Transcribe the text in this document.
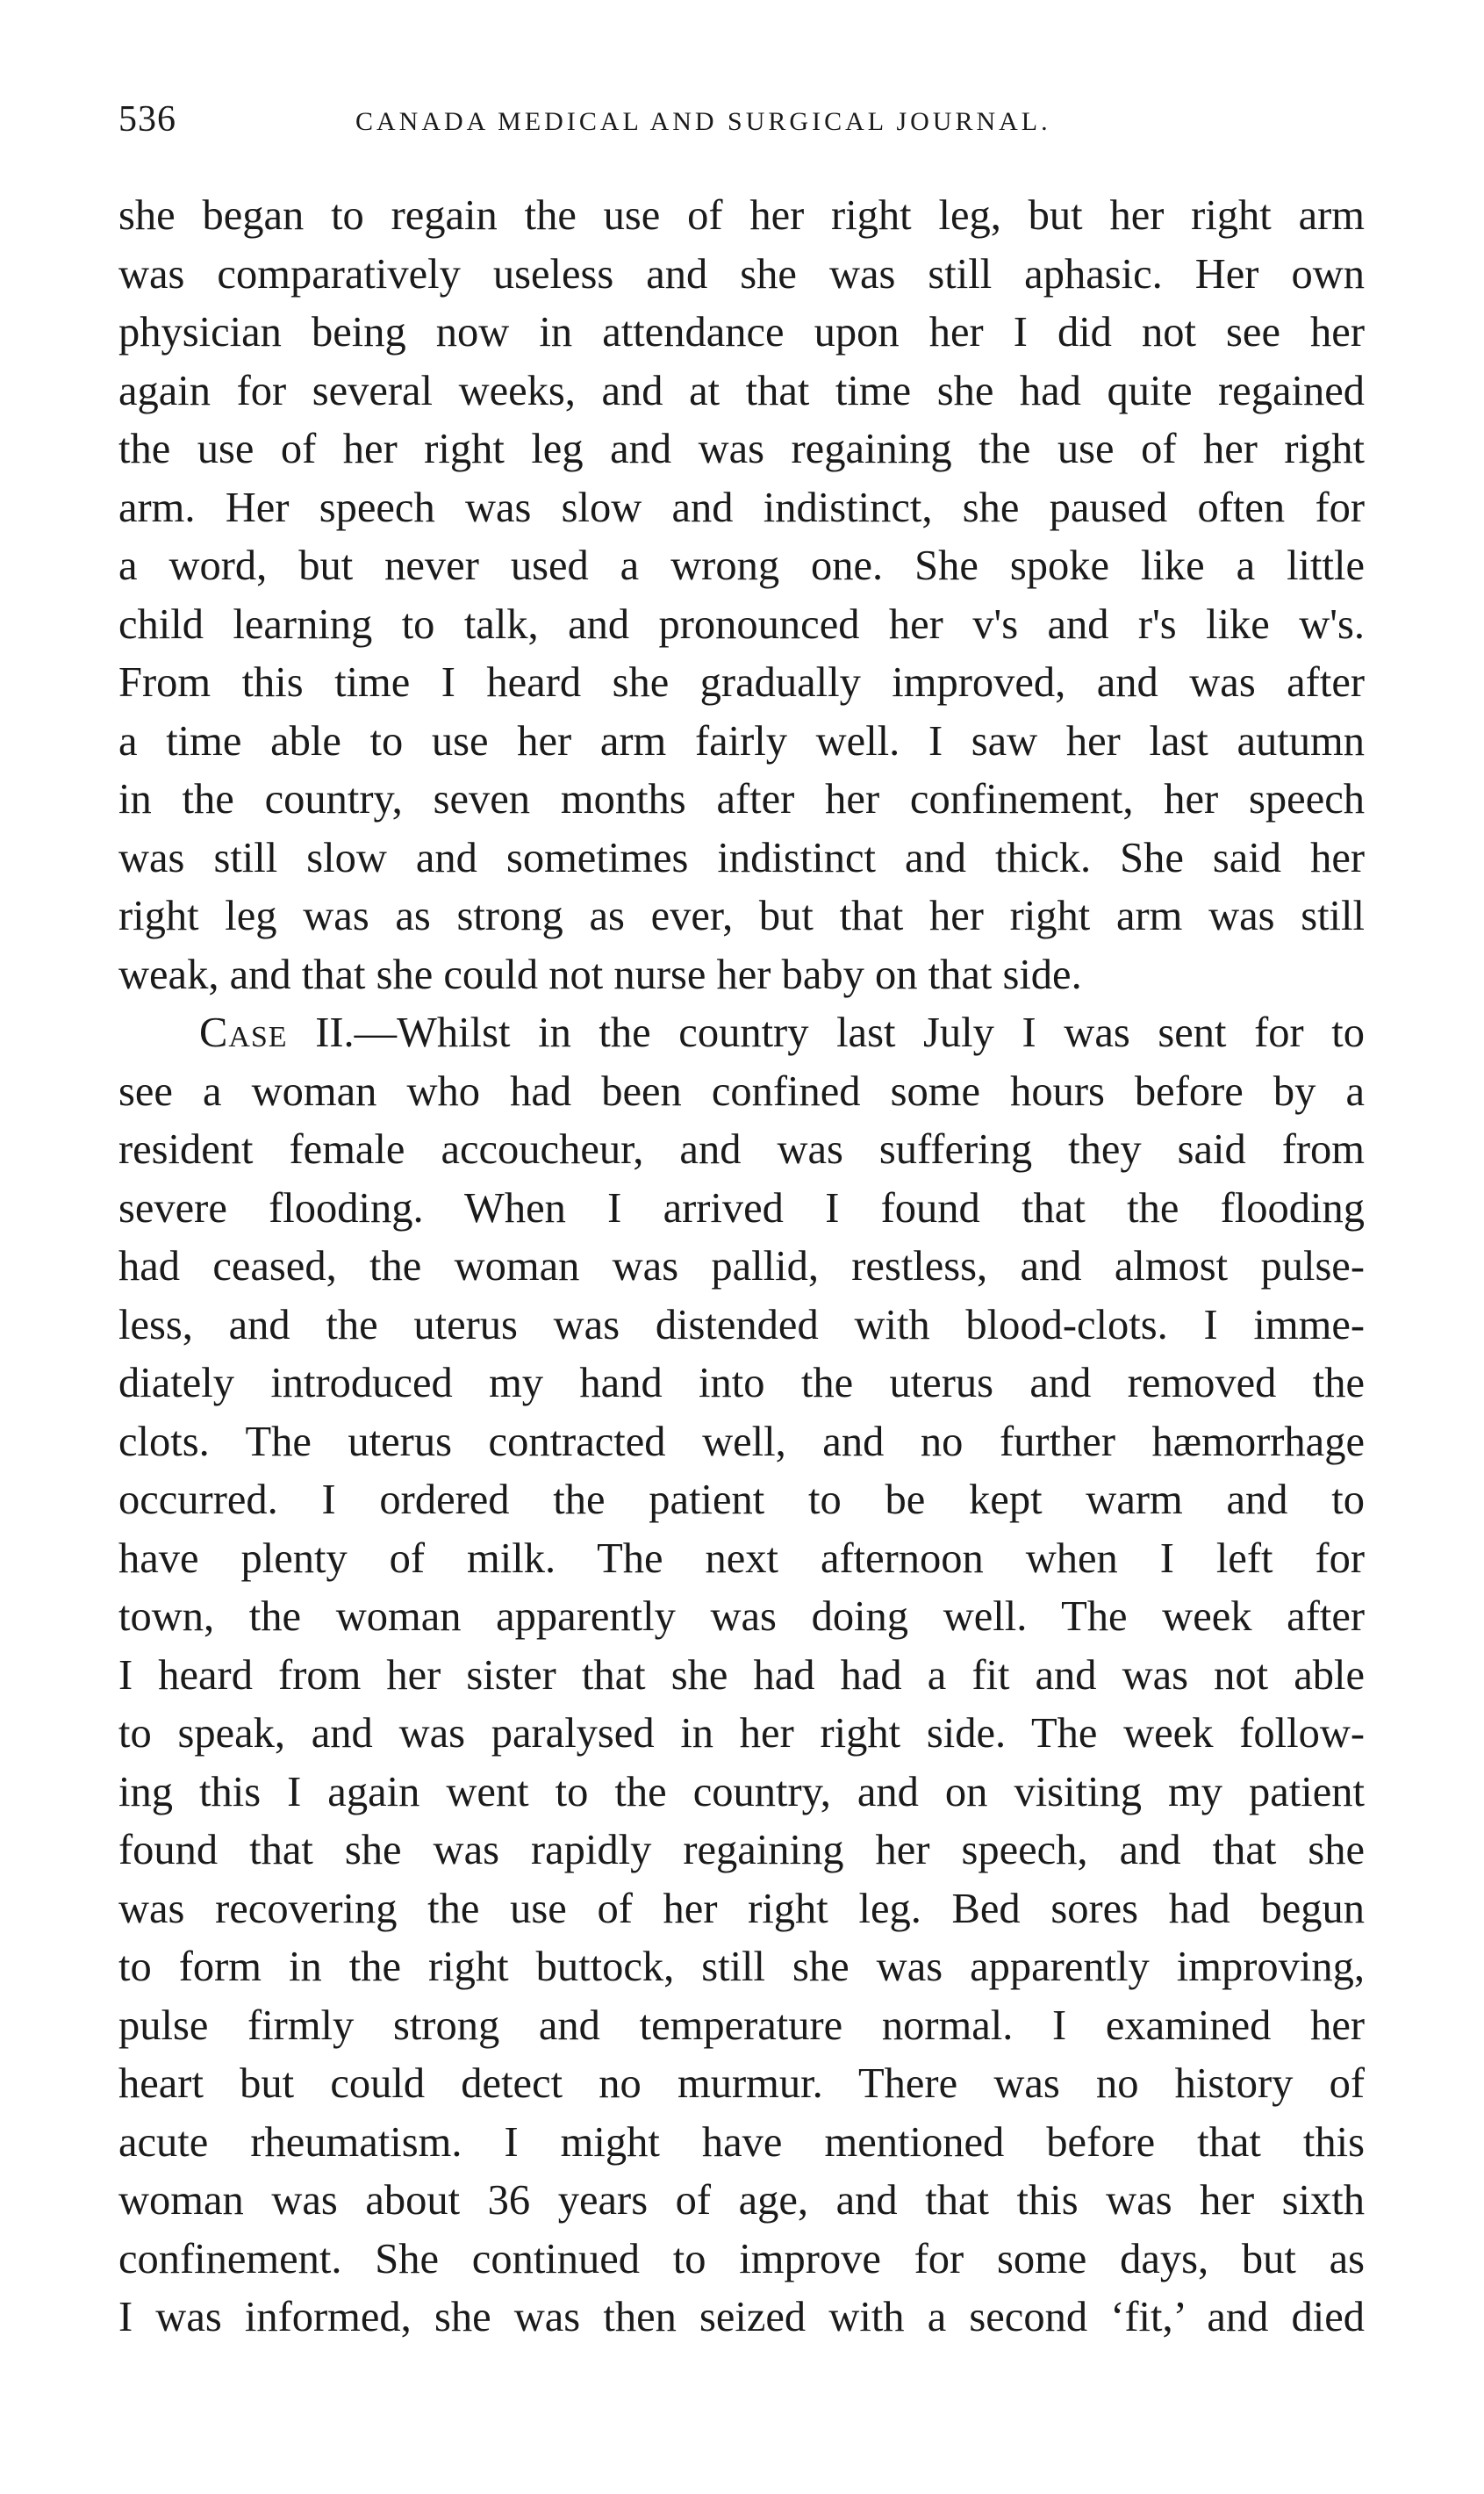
536	CANADA MEDICAL AND SURGICAL JOURNAL.
she began to regain the use of her right leg, but her right arm
was comparatively useless and she was still aphasic. Her own
physician being now in attendance upon her I did not see her
again for several weeks, and at that time she had quite regained
the use of her right leg and was regaining the use of her right
arm. Her speech was slow and indistinct, she paused often for
a word, but never used a wrong one. She spoke like a little
child learning to talk, and pronounced her v's and r's like w's.
From this time I heard she gradually improved, and was after
a time able to use her arm fairly well. I saw her last autumn
in the country, seven months after her confinement, her speech
was still slow and sometimes indistinct and thick. She said her
right leg was as strong as ever, but that her right arm was still
weak, and that she could not nurse her baby on that side.
Case II.—Whilst in the country last July I was sent for to
see a woman who had been confined some hours before by a
resident female accoucheur, and was suffering they said from
severe flooding. When I arrived I found that the flooding
had ceased, the woman was pallid, restless, and almost pulse-
less, and the uterus was distended with blood-clots. I imme-
diately introduced my hand into the uterus and removed the
clots. The uterus contracted well, and no further hæmorrhage
occurred. I ordered the patient to be kept warm and to
have plenty of milk. The next afternoon when I left for
town, the woman apparently was doing well. The week after
I heard from her sister that she had had a fit and was not able
to speak, and was paralysed in her right side. The week follow-
ing this I again went to the country, and on visiting my patient
found that she was rapidly regaining her speech, and that she
was recovering the use of her right leg. Bed sores had begun
to form in the right buttock, still she was apparently improving,
pulse firmly strong and temperature normal. I examined her
heart but could detect no murmur. There was no history of
acute rheumatism. I might have mentioned before that this
woman was about 36 years of age, and that this was her sixth
confinement. She continued to improve for some days, but as
I was informed, she was then seized with a second ‘fit,’ and died
